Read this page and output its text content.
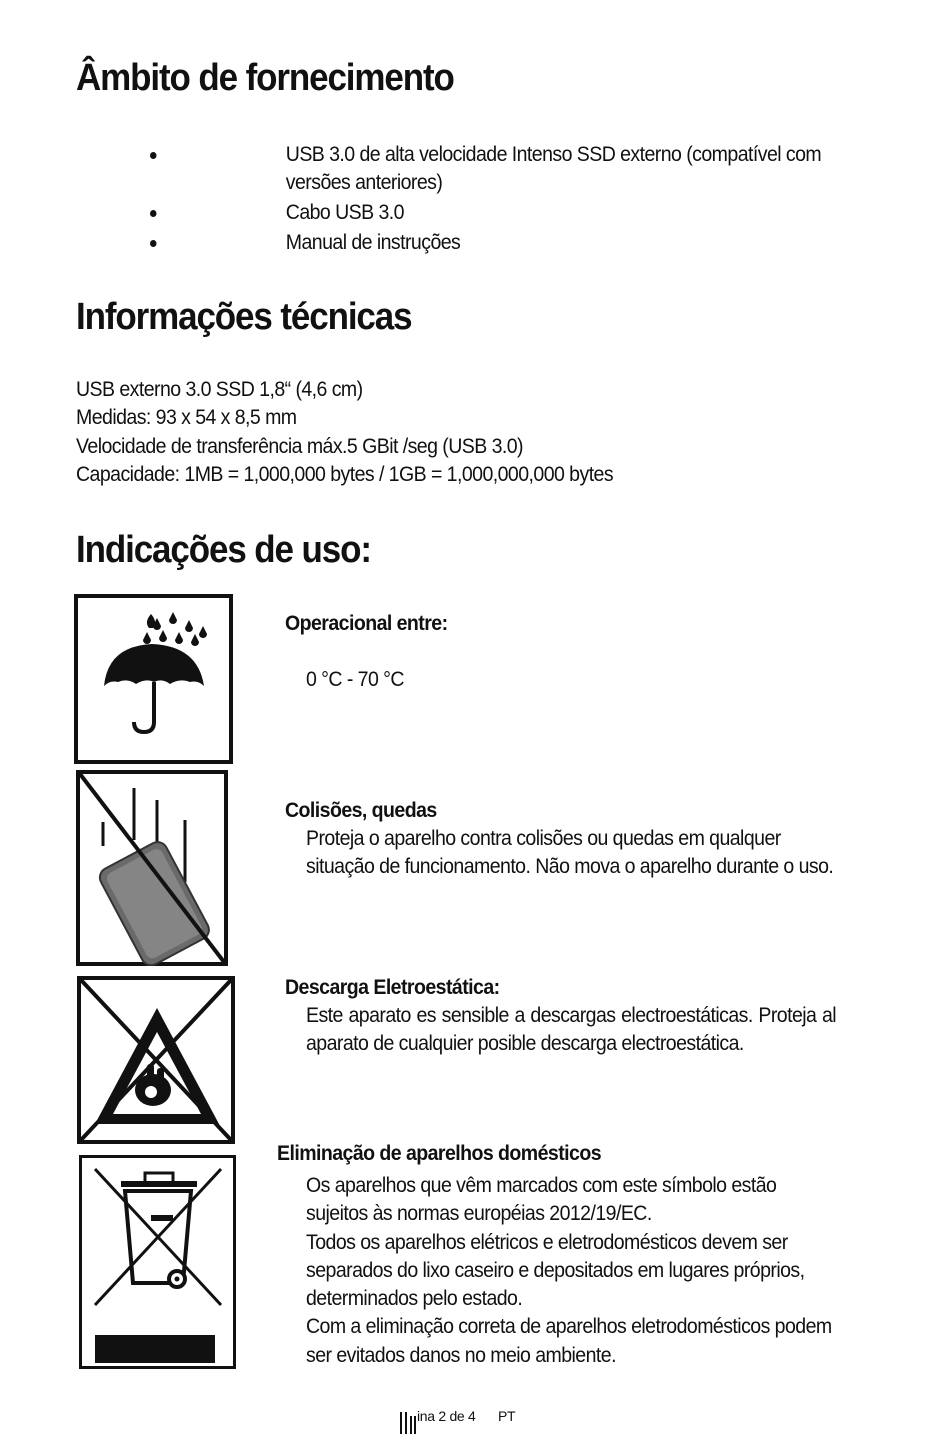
Âmbito de fornecimento
USB 3.0 de alta velocidade Intenso SSD externo (compatível com versões anteriores)
Cabo USB 3.0
Manual de instruções
Informações técnicas
USB externo 3.0 SSD 1,8“ (4,6 cm)
Medidas: 93 x 54 x 8,5 mm
Velocidade de transferência máx.5 GBit /seg (USB 3.0)
Capacidade: 1MB = 1,000,000 bytes / 1GB = 1,000,000,000 bytes
Indicações de uso:
Operacional entre:
0 °C - 70 °C
Colisões, quedas
Proteja o aparelho contra colisões ou quedas em qualquer situação de funcionamento. Não mova o aparelho durante o uso.
Descarga Eletroestática:
Este aparato es sensible a descargas electroestáticas. Proteja al aparato de cualquier posible descarga electroestática.
Eliminação de aparelhos domésticos
Os aparelhos que vêm marcados com este símbolo estão sujeitos às normas européias 2012/19/EC.
Todos os aparelhos elétricos e eletrodomésticos devem ser separados do lixo caseiro e depositados em lugares próprios, determinados pelo estado.
Com a eliminação correta de aparelhos eletrodomésticos podem ser evitados danos no meio ambiente.
ina 2 de 4 PT
